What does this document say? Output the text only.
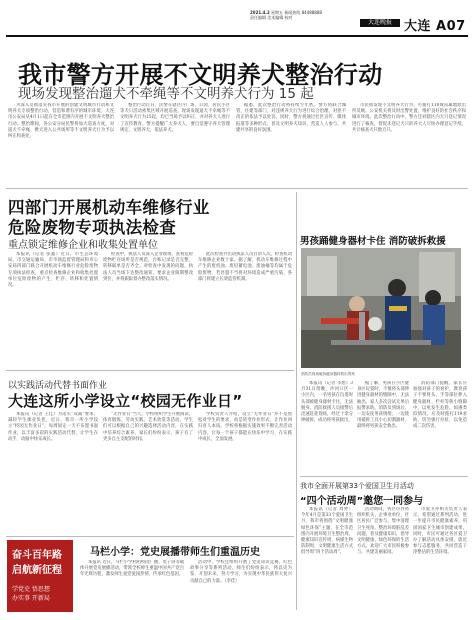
2021.4.2 星期五 新闻热线 84488888
责任编辑 美术编辑 校对
大连晚报 大连 A07
我市警方开展不文明养犬整治行动
现场发现整治遛犬不牵绳等不文明养犬行为 15 起

为深入贯彻落实我市开展的创建文明城市行动和文明养犬专项整治行动，营造和谐有序的城市环境，大连市公安局从4月1日起在全市范围内开展不文明养犬整治行动。整治期间，各公安分局民警将加大巡查力度，对遛犬不牵绳、携犬进入公共场所等不文明养犬行为予以纠正和查处。

整治行动首日，民警在辖区内广场、公园、居民小区等犬只活动密集区域开展巡查，现场发现遛犬不牵绳等不文明养犬行为15起，均已当场予以纠正，并对养犬人进行了宣传教育。警方提醒广大养犬人，要自觉遵守养犬管理规定，文明养犬，依法养犬。

据悉，此次整治行动将持续至年底，警方将联合城管、住建等部门，对违规养犬行为进行综合治理，对拒不改正的依法予以处罚。同时，警方将通过社区宣传、媒体报道等多种形式，普及文明养犬知识，营造人人参与、共建共享的良好氛围。

市民如发现不文明养犬行为，可拨打110或向属地派出所反映。公安机关将及时出警处置，维护良好的社会秩序和城市环境。此次整治行动中，警方还对辖区内犬只登记情况进行了核查，督促未登记犬只的养犬人尽快办理登记手续，共计核查犬只数百只。

四部门开展机动车维修行业
危险废物专项执法检查
重点锁定维修企业和收集处置单位

本报讯（记者 张鑫）近日，市生态环境局、市交通运输局、市市场监督管理局和市公安局四部门联合开展机动车维修行业危险废物专项执法检查，重点检查维修企业和收集处置单位危险废物的产生、贮存、转移和处置情况。

检查中，执法人员深入企业现场，查看危险废物贮存场所是否规范，台账记录是否完整，转移联单是否齐全。对检查中发现的问题，执法人员当场下达整改通知，要求企业限期整改到位，并将跟踪督办整改落实情况。

此次检查共出动执法人员百余人次，检查机动车维修企业数十家。据了解，机动车维修过程中产生的废机油、废铅蓄电池、废油桶等均属于危险废物，若处置不当将对环境造成严重污染。各部门将建立长效监管机制。

以实践活动代替书面作业
大连这所小学设立“校园无作业日”

本报讯（记者 王佳）为落实“双减”要求，减轻学生课业负担，近日，我市一所小学设立“校园无作业日”，每周固定一天不布置书面作业，以丰富多彩的实践活动代替，让学生在动手、动脑中快乐成长。

“无作业日”当天，学校组织学生开展阅读、体育锻炼、劳动实践、艺术欣赏等活动。学生们可以根据自己的兴趣选择活动内容，在实践中培养综合素养。家长们纷纷表示，孩子有了更多自主支配的时间。

学校负责人介绍，设立“无作业日”并不是放松对学生的要求，而是转变作业形式，让作业回归育人本质。学校将根据实施效果不断完善活动内容，让每一个孩子都能在快乐中学习、在实践中成长，全面发展。

奋斗百年路
启航新征程
学党史 悟思想
办实事 开新局
马栏小学：党史展播带师生们重温历史

本报讯 近日，马栏小学利用校园广播、电子屏等载体开展党史展播活动，带领全校师生重温中国共产党百年光辉历程，激发师生爱党爱国热情，传承红色基因。

活动中，学校还组织开展了党史知识竞赛、红色故事分享等系列活动。师生们纷纷表示，将以史为鉴、开创未来，努力学习，为实现中华民族伟大复兴贡献自己的力量。（李佳）

男孩踊健身器材卡住 消防破拆救援
消防员现场破拆健身器材救出男孩

本报讯（记者 李想）3月31日傍晚，沙河口区一小区内，一名男孩在玩耍时头部被健身器材卡住，无法脱身。消防救援人员接警后迅速赶赴现场，经过十余分钟破拆，成功将男孩救出。

据了解，男孩在小区健身区玩耍时，不慎将头部伸进健身器材的缝隙中，无法抽出。家人多次尝试无果后报警求助。消防员到场后，一边安抚男孩情绪，一边使用破拆工具小心切割器材，最终将男孩安全救出。

消防部门提醒，家长应加强对孩子的看护，教育孩子不要将头、手等部位伸入健身器材、栏杆等狭小缝隙中，以免发生危险。如遇类似情况，应及时拨打119求助，切勿强行拉扯，以免造成二次伤害。

我市全面开展第33个爱国卫生月活动
“四个活动周”邀您一同参与

本报讯（记者 周婷）今年4月是第33个爱国卫生月，我市将围绕“文明健康 绿色环保”主题，在全市范围内开展环境卫生整治周、健康知识宣传周、病媒生物防制周、文明健康生活方式倡导周“四个活动周”。

活动期间，各区市县将组织机关、企事业单位、社区居民广泛参与，集中清理卫生死角，整治环境脏乱差问题，普及健康知识，倡导文明健康、绿色环保的生活方式。欢迎广大市民积极参与，共建美丽家园。

市爱卫办相关负责人表示，希望通过系列活动，进一步提升市民健康素养，巩固国家卫生城市创建成果。同时，市民可通过各区爱卫办了解活动具体安排，就近参与志愿服务，共同营造干净整洁的生活环境。
